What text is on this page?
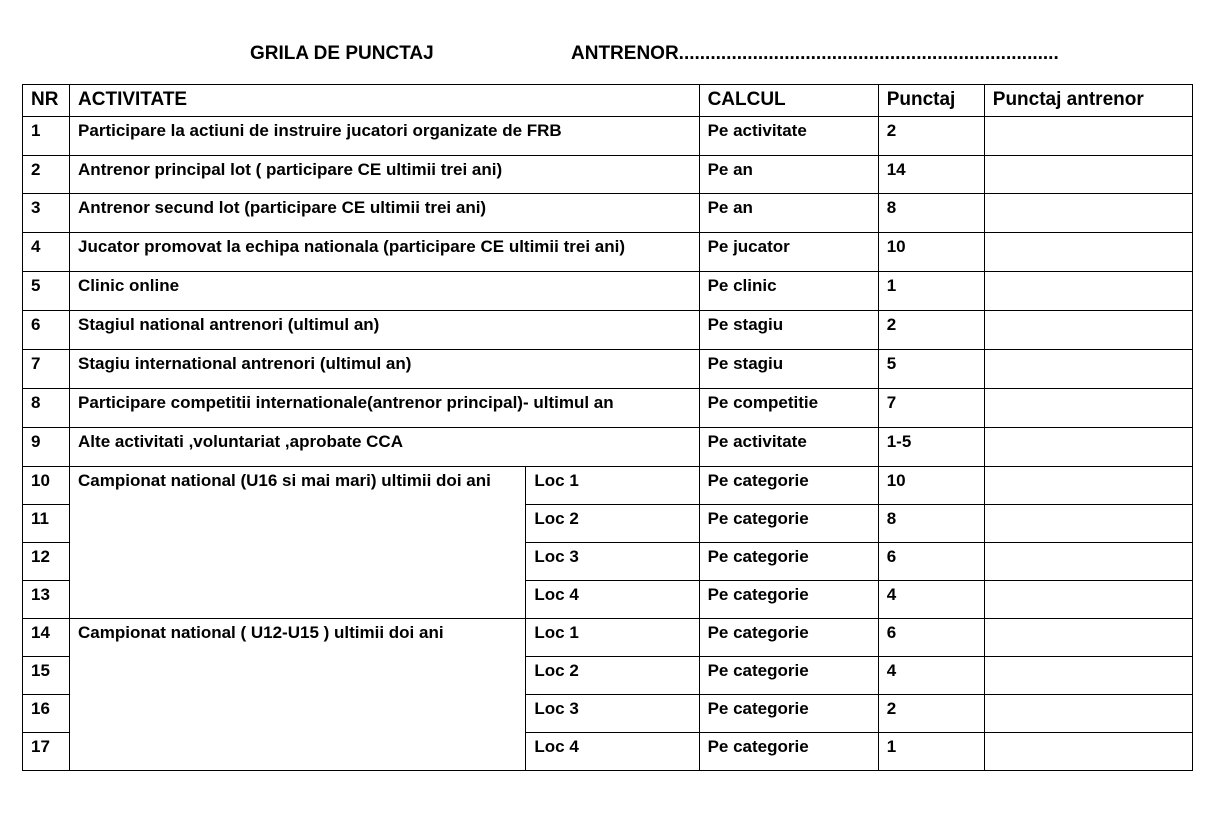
GRILA DE PUNCTAJ	ANTRENOR........................................................................
NR	ACTIVITATE		CALCUL	Punctaj	Punctaj antrenor
1	Participare la actiuni de instruire jucatori organizate de FRB		Pe activitate	2	
2	Antrenor principal lot ( participare CE ultimii trei ani)		Pe an	14	
3	Antrenor secund lot (participare CE ultimii trei ani)		Pe an	8	
4	Jucator promovat la echipa nationala (participare CE ultimii trei ani)		Pe jucator	10	
5	Clinic online		Pe clinic	1	
6	Stagiul national antrenori (ultimul an)		Pe stagiu	2	
7	Stagiu international antrenori (ultimul an)		Pe stagiu	5	
8	Participare competitii internationale(antrenor principal)- ultimul an		Pe competitie	7	
9	Alte activitati ,voluntariat ,aprobate CCA		Pe activitate	1-5	
10	Campionat national (U16 si mai mari) ultimii doi ani	Loc 1	Pe categorie	10	
11		Loc 2	Pe categorie	8	
12		Loc 3	Pe categorie	6	
13		Loc 4	Pe categorie	4	
14	Campionat national ( U12-U15 ) ultimii doi ani	Loc 1	Pe categorie	6	
15		Loc 2	Pe categorie	4	
16		Loc 3	Pe categorie	2	
17		Loc 4	Pe categorie	1	
